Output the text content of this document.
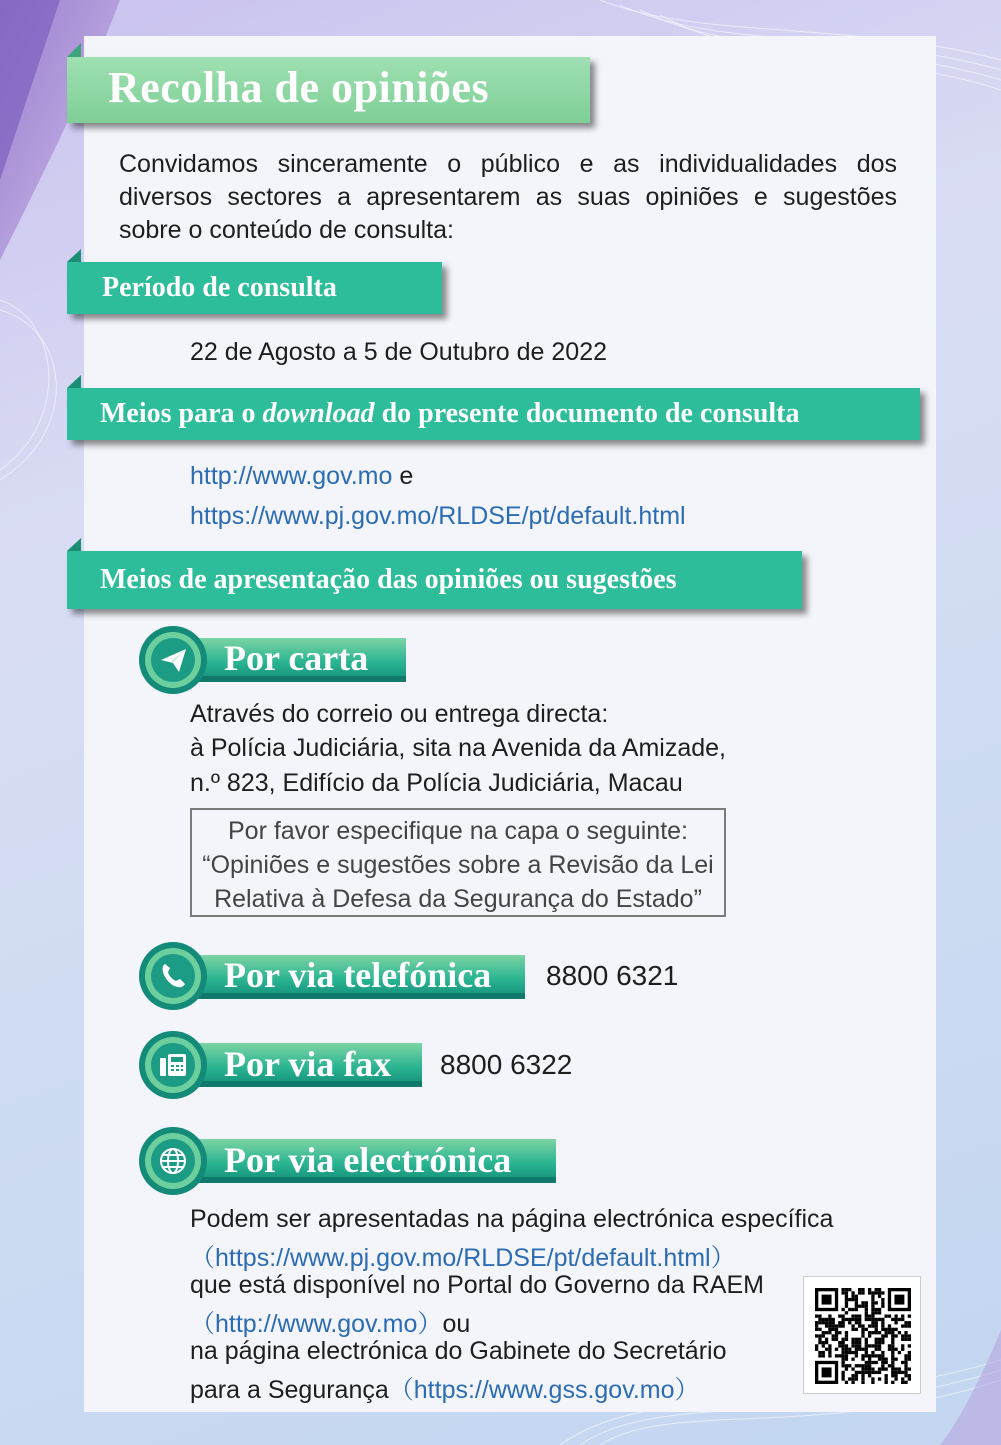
Recolha de opiniões
Convidamos sinceramente o público e as individualidades dos diversos sectores a apresentarem as suas opiniões e sugestões sobre o conteúdo de consulta:
Período de consulta
22 de Agosto a 5 de Outubro de 2022
Meios para o download do presente documento de consulta
http://www.gov.mo e
https://www.pj.gov.mo/RLDSE/pt/default.html
Meios de apresentação das opiniões ou sugestões
Por carta
Através do correio ou entrega directa:
à Polícia Judiciária, sita na Avenida da Amizade,
n.º 823, Edifício da Polícia Judiciária, Macau
Por favor especifique na capa o seguinte:
“Opiniões e sugestões sobre a Revisão da Lei
Relativa à Defesa da Segurança do Estado”
Por via telefónica 8800 6321
Por via fax 8800 6322
Por via electrónica
Podem ser apresentadas na página electrónica específica
（https://www.pj.gov.mo/RLDSE/pt/default.html）
que está disponível no Portal do Governo da RAEM
（http://www.gov.mo）ou
na página electrónica do Gabinete do Secretário
para a Segurança（https://www.gss.gov.mo）
